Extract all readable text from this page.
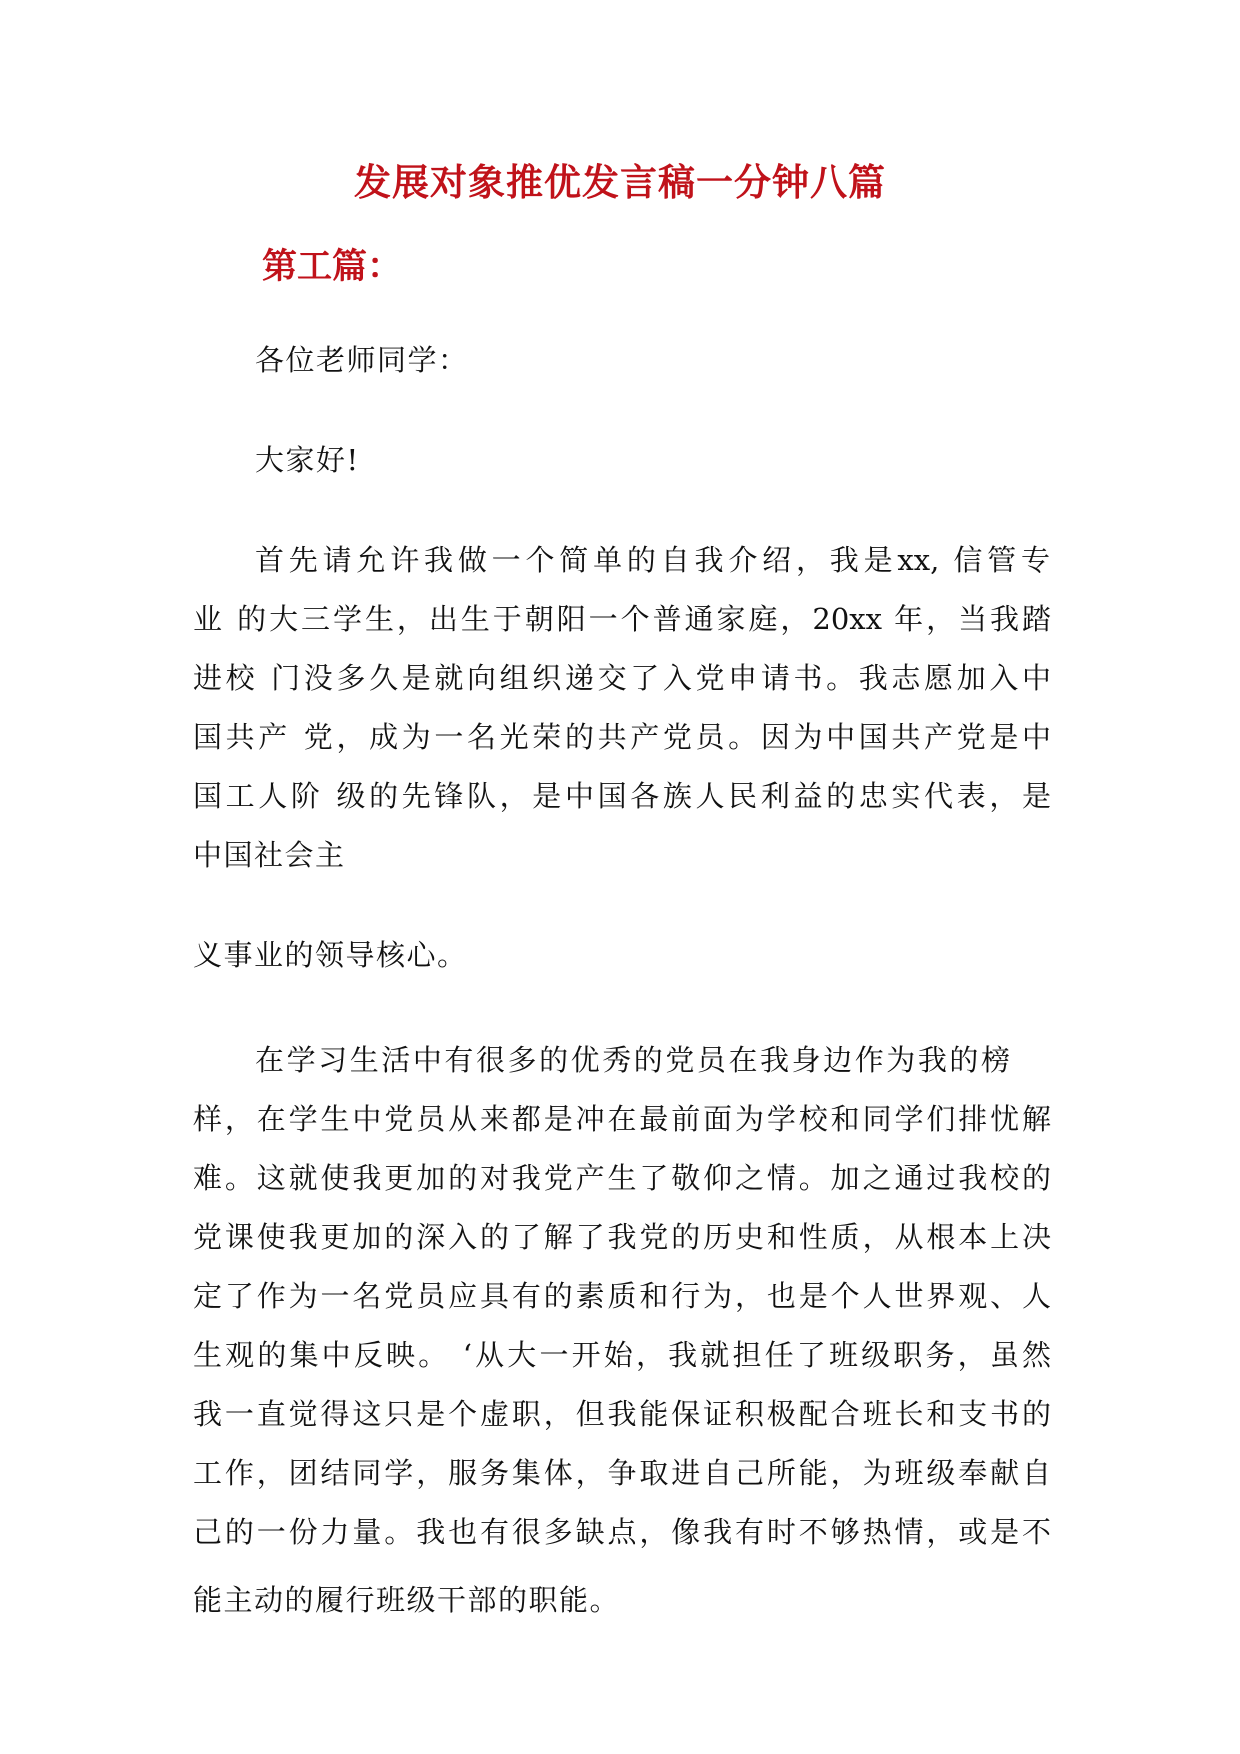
发展对象推优发言稿一分钟八篇
第工篇：
各位老师同学：
大家好!
首先请允许我做一个简单的自我介绍，我是xx, 信管专
业 的大三学生，出生于朝阳一个普通家庭，20xx 年，当我踏
进校 门没多久是就向组织递交了入党申请书。我志愿加入中
国共产 党，成为一名光荣的共产党员。因为中国共产党是中
国工人阶 级的先锋队，是中国各族人民利益的忠实代表，是
中国社会主
义事业的领导核心。
在学习生活中有很多的优秀的党员在我身边作为我的榜
样，在学生中党员从来都是冲在最前面为学校和同学们排忧解
难。这就使我更加的对我党产生了敬仰之情。加之通过我校的
党课使我更加的深入的了解了我党的历史和性质，从根本上决
定了作为一名党员应具有的素质和行为，也是个人世界观、人
生观的集中反映。 ‘从大一开始，我就担任了班级职务，虽然
我一直觉得这只是个虚职，但我能保证积极配合班长和支书的
工作，团结同学，服务集体，争取进自己所能，为班级奉献自
己的一份力量。我也有很多缺点，像我有时不够热情，或是不
能主动的履行班级干部的职能。
